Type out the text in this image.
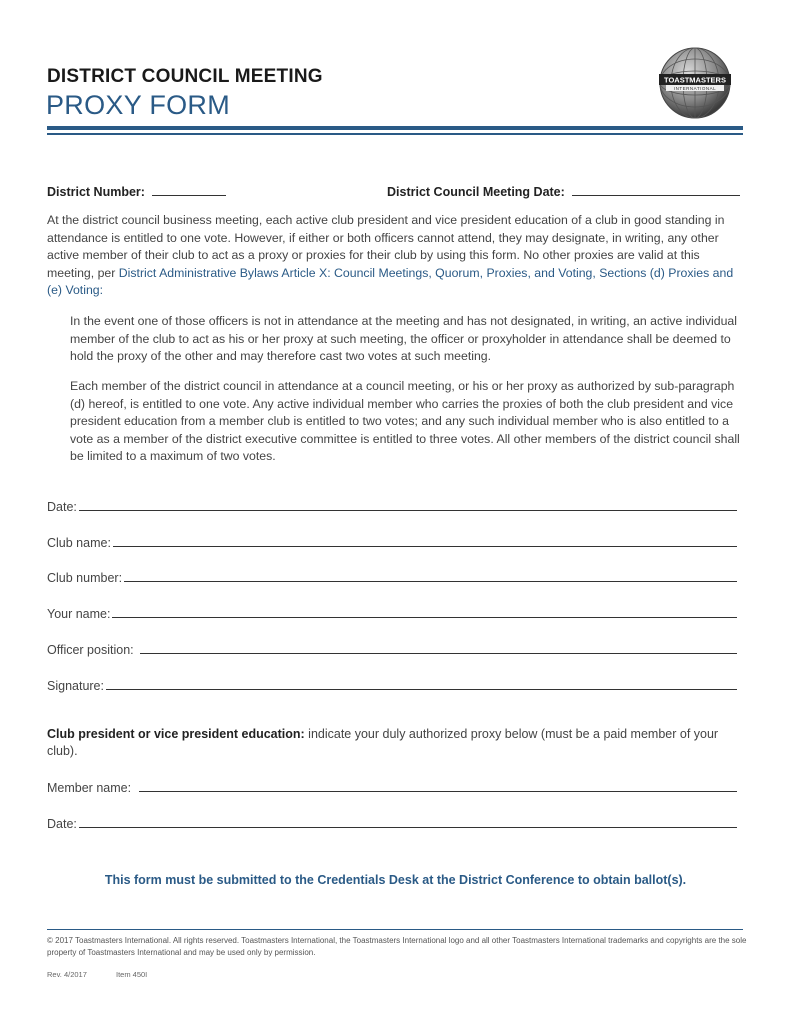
DISTRICT COUNCIL MEETING
PROXY FORM
TOASTMASTERS
INTERNATIONAL
District Number:	District Council Meeting Date:

At the district council business meeting, each active club president and vice president education of a club in good standing in attendance is entitled to one vote. However, if either or both officers cannot attend, they may designate, in writing, any other active member of their club to act as a proxy or proxies for their club by using this form. No other proxies are valid at this meeting, per District Administrative Bylaws Article X: Council Meetings, Quorum, Proxies, and Voting, Sections (d) Proxies and (e) Voting:

In the event one of those officers is not in attendance at the meeting and has not designated, in writing, an active individual member of the club to act as his or her proxy at such meeting, the officer or proxyholder in attendance shall be deemed to hold the proxy of the other and may therefore cast two votes at such meeting.

Each member of the district council in attendance at a council meeting, or his or her proxy as authorized by sub-paragraph (d) hereof, is entitled to one vote. Any active individual member who carries the proxies of both the club president and vice president education from a member club is entitled to two votes; and any such individual member who is also entitled to a vote as a member of the district executive committee is entitled to three votes. All other members of the district council shall be limited to a maximum of two votes.

Date:
Club name:
Club number:
Your name:
Officer position:
Signature:

Club president or vice president education: indicate your duly authorized proxy below (must be a paid member of your club).

Member name:
Date:
This form must be submitted to the Credentials Desk at the District Conference to obtain ballot(s).

© 2017 Toastmasters International. All rights reserved. Toastmasters International, the Toastmasters International logo and all other Toastmasters International trademarks and copyrights are the sole property of Toastmasters International and may be used only by permission.

Rev. 4/2017	Item 450I
